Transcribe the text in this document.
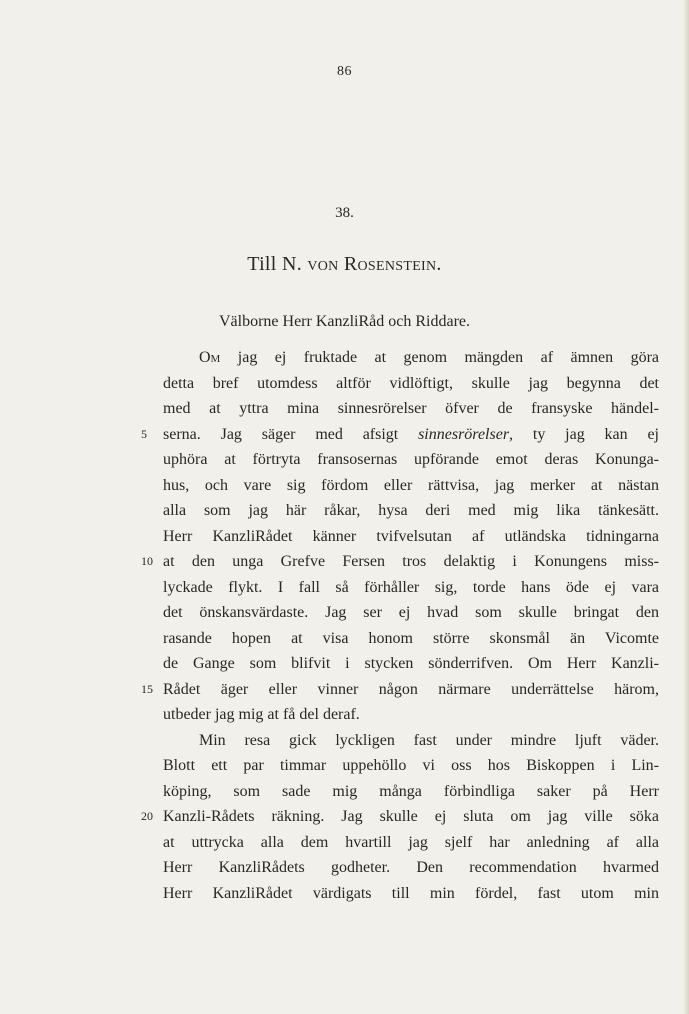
86
38.
Till N. von Rosenstein.
Välborne Herr KanzliRåd och Riddare.
Om jag ej fruktade at genom mängden af ämnen göra
detta bref utomdess altför vidlöftigt, skulle jag begynna det
med at yttra mina sinnesrörelser öfver de fransyske händel-
5	serna. Jag säger med afsigt sinnesrörelser, ty jag kan ej
uphöra at förtryta fransosernas upförande emot deras Konunga-
hus, och vare sig fördom eller rättvisa, jag merker at nästan
alla som jag här råkar, hysa deri med mig lika tänkesätt.
Herr KanzliRådet känner tvifvelsutan af utländska tidningarna
10 at den unga Grefve Fersen tros delaktig i Konungens miss-
lyckade flykt. I fall så förhåller sig, torde hans öde ej vara
det önskansvärdaste. Jag ser ej hvad som skulle bringat den
rasande hopen at visa honom större skonsmål än Vicomte
de Gange som blifvit i stycken sönderrifven. Om Herr Kanzli-
15 Rådet äger eller vinner någon närmare underrättelse härom,
utbeder jag mig at få del deraf.
Min resa gick lyckligen fast under mindre ljuft väder.
Blott ett par timmar uppehöllo vi oss hos Biskoppen i Lin-
köping, som sade mig många förbindliga saker på Herr
20 Kanzli-Rådets räkning. Jag skulle ej sluta om jag ville söka
at uttrycka alla dem hvartill jag sjelf har anledning af alla
Herr KanzliRådets godheter. Den recommendation hvarmed
Herr KanzliRådet värdigats till min fördel, fast utom min
